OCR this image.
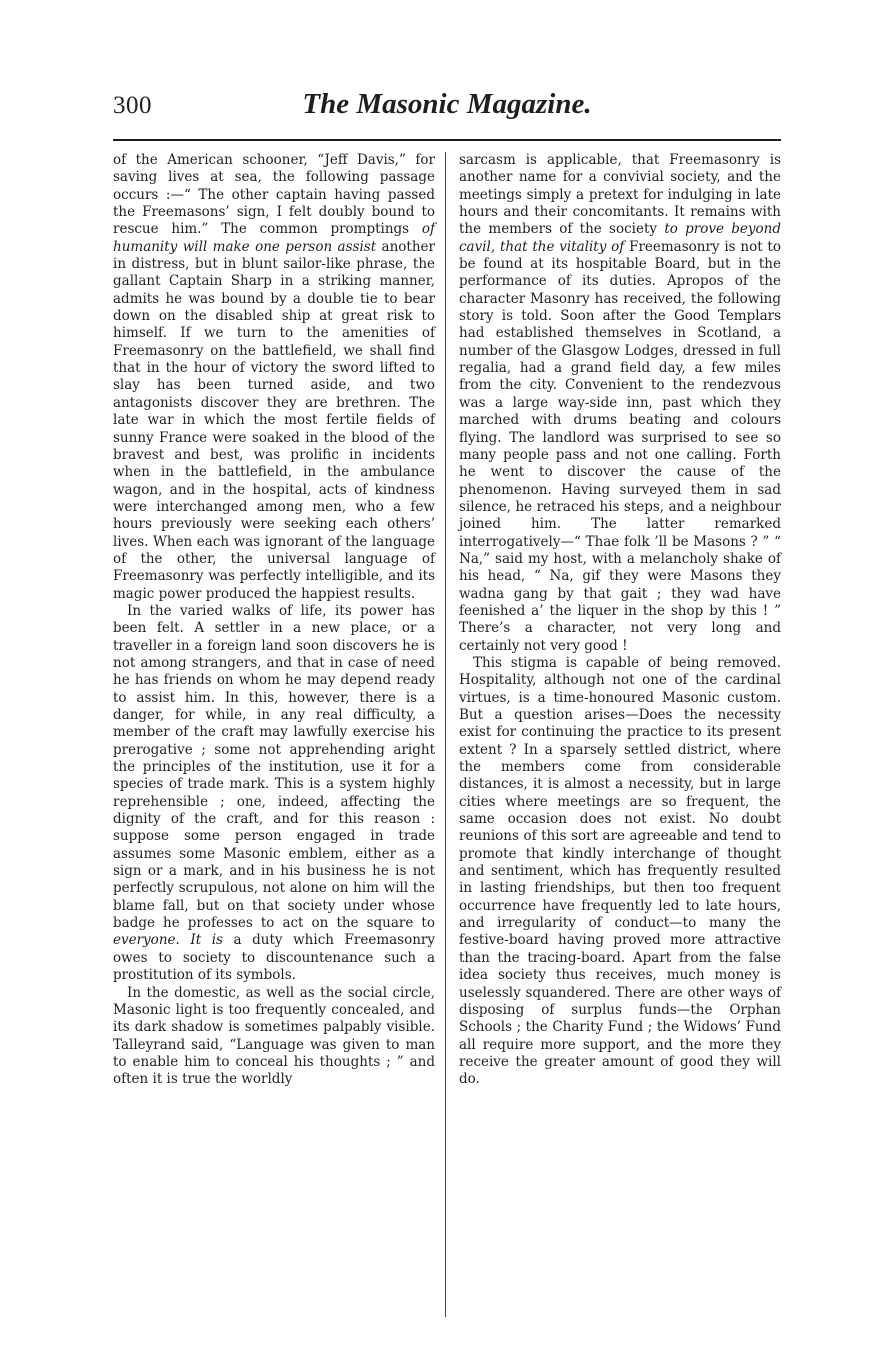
300	The Masonic Magazine.

of the American schooner, “Jeff Davis,” for saving lives at sea, the following passage occurs :—“ The other captain having passed the Freemasons’ sign, I felt doubly bound to rescue him.” The common promptings of humanity will make one person assist another in distress, but in blunt sailor-like phrase, the gallant Captain Sharp in a striking manner, admits he was bound by a double tie to bear down on the disabled ship at great risk to himself. If we turn to the amenities of Freemasonry on the battlefield, we shall find that in the hour of victory the sword lifted to slay has been turned aside, and two antagonists discover they are brethren. The late war in which the most fertile fields of sunny France were soaked in the blood of the bravest and best, was prolific in incidents when in the battlefield, in the ambulance wagon, and in the hospital, acts of kindness were interchanged among men, who a few hours previously were seeking each others’ lives. When each was ignorant of the language of the other, the universal language of Freemasonry was perfectly intelligible, and its magic power produced the happiest results.

In the varied walks of life, its power has been felt. A settler in a new place, or a traveller in a foreign land soon discovers he is not among strangers, and that in case of need he has friends on whom he may depend ready to assist him. In this, however, there is a danger, for while, in any real difficulty, a member of the craft may lawfully exercise his prerogative ; some not apprehending aright the principles of the institution, use it for a species of trade mark. This is a system highly reprehensible ; one, indeed, affecting the dignity of the craft, and for this reason : suppose some person engaged in trade assumes some Masonic emblem, either as a sign or a mark, and in his business he is not perfectly scrupulous, not alone on him will the blame fall, but on that society under whose badge he professes to act on the square to everyone. It is a duty which Freemasonry owes to society to discountenance such a prostitution of its symbols.

In the domestic, as well as the social circle, Masonic light is too frequently concealed, and its dark shadow is sometimes palpably visible. Talleyrand said, “Language was given to man to enable him to conceal his thoughts ; ” and often it is true the worldly

sarcasm is applicable, that Freemasonry is another name for a convivial society, and the meetings simply a pretext for indulging in late hours and their concomitants. It remains with the members of the society to prove beyond cavil, that the vitality of Freemasonry is not to be found at its hospitable Board, but in the performance of its duties. Apropos of the character Masonry has received, the following story is told. Soon after the Good Templars had established themselves in Scotland, a number of the Glasgow Lodges, dressed in full regalia, had a grand field day, a few miles from the city. Convenient to the rendezvous was a large way-side inn, past which they marched with drums beating and colours flying. The landlord was surprised to see so many people pass and not one calling. Forth he went to discover the cause of the phenomenon. Having surveyed them in sad silence, he retraced his steps, and a neighbour joined him. The latter remarked interrogatively—“ Thae folk ’ll be Masons ? ” “ Na,” said my host, with a melancholy shake of his head, “ Na, gif they were Masons they wadna gang by that gait ; they wad have feenished a’ the liquer in the shop by this ! ” There’s a character, not very long and certainly not very good !

This stigma is capable of being removed. Hospitality, although not one of the cardinal virtues, is a time-honoured Masonic custom. But a question arises—Does the necessity exist for continuing the practice to its present extent ? In a sparsely settled district, where the members come from considerable distances, it is almost a necessity, but in large cities where meetings are so frequent, the same occasion does not exist. No doubt reunions of this sort are agreeable and tend to promote that kindly interchange of thought and sentiment, which has frequently resulted in lasting friendships, but then too frequent occurrence have frequently led to late hours, and irregularity of conduct—to many the festive-board having proved more attractive than the tracing-board. Apart from the false idea society thus receives, much money is uselessly squandered. There are other ways of disposing of surplus funds—the Orphan Schools ; the Charity Fund ; the Widows’ Fund all require more support, and the more they receive the greater amount of good they will do.
